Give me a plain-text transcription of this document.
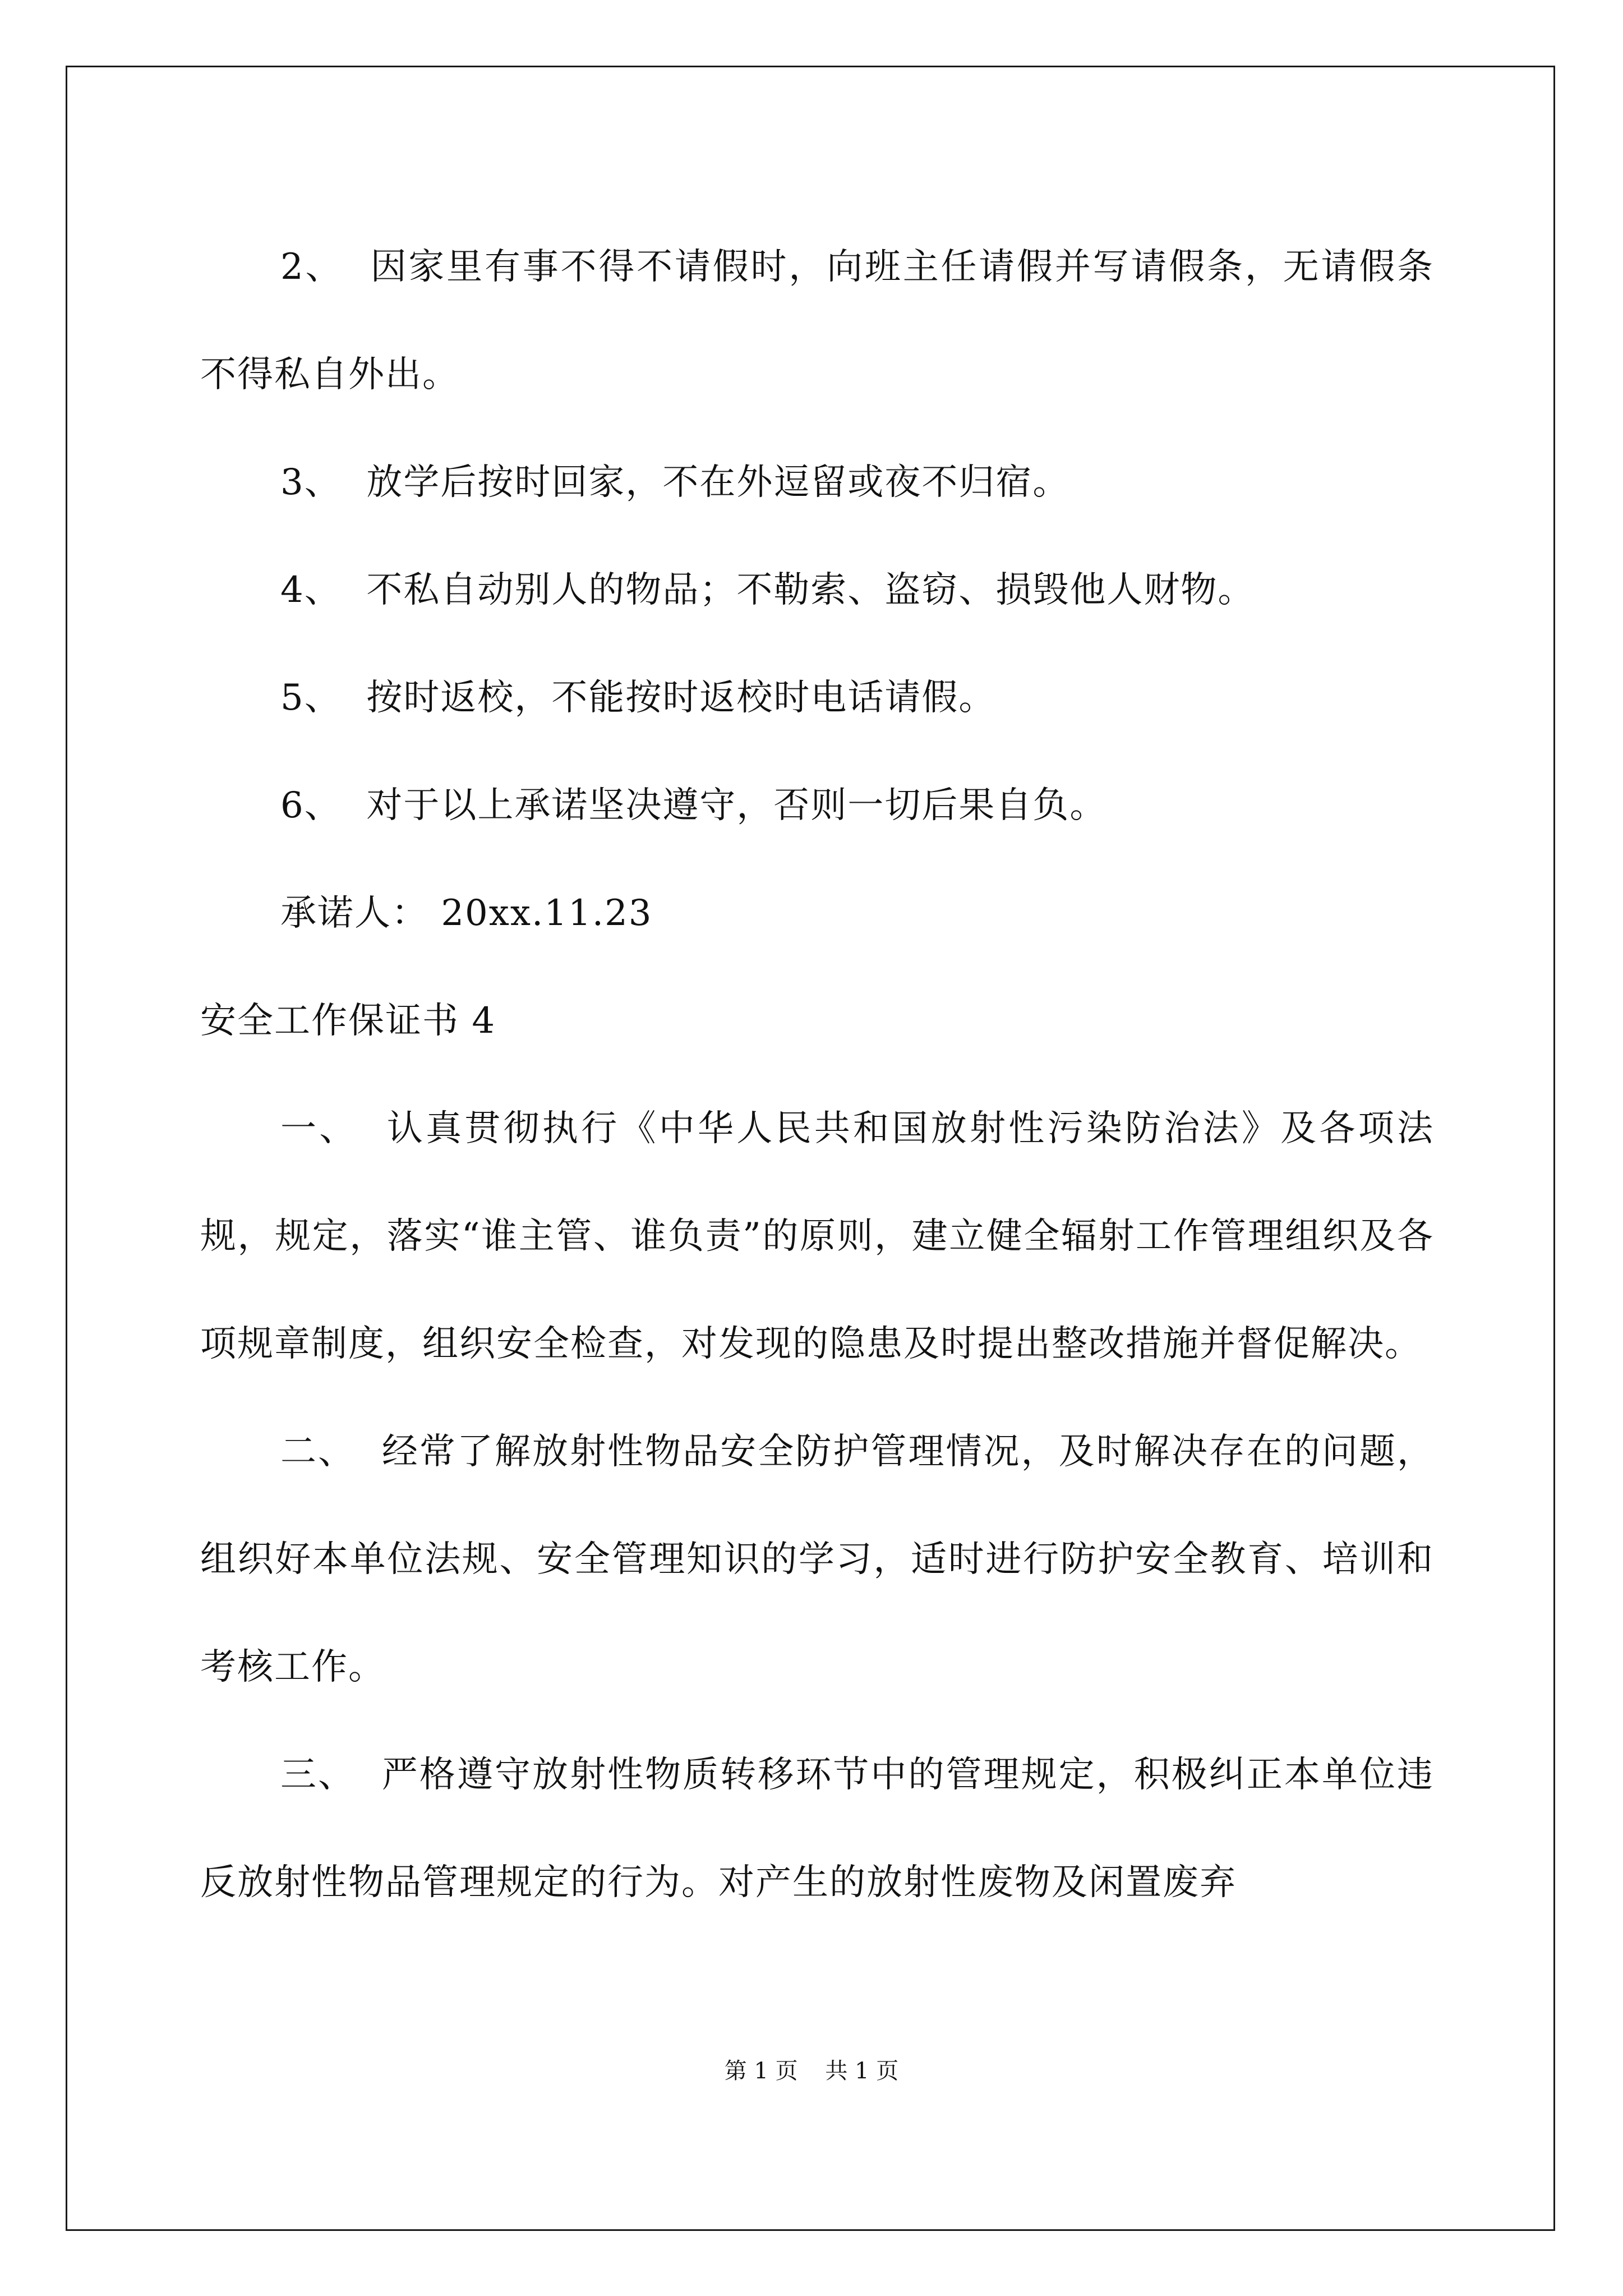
2、 因家里有事不得不请假时，向班主任请假并写请假条，无请假条不得私自外出。

3、 放学后按时回家，不在外逗留或夜不归宿。

4、 不私自动别人的物品；不勒索、盗窃、损毁他人财物。

5、 按时返校，不能按时返校时电话请假。

6、 对于以上承诺坚决遵守，否则一切后果自负。

承诺人： 20xx.11.23

安全工作保证书 4

一、 认真贯彻执行《中华人民共和国放射性污染防治法》及各项法规，规定，落实“谁主管、谁负责”的原则，建立健全辐射工作管理组织及各项规章制度，组织安全检查，对发现的隐患及时提出整改措施并督促解决。

二、 经常了解放射性物品安全防护管理情况，及时解决存在的问题，组织好本单位法规、安全管理知识的学习，适时进行防护安全教育、培训和考核工作。

三、 严格遵守放射性物质转移环节中的管理规定，积极纠正本单位违反放射性物品管理规定的行为。对产生的放射性废物及闲置废弃

第 1 页 共 1 页
